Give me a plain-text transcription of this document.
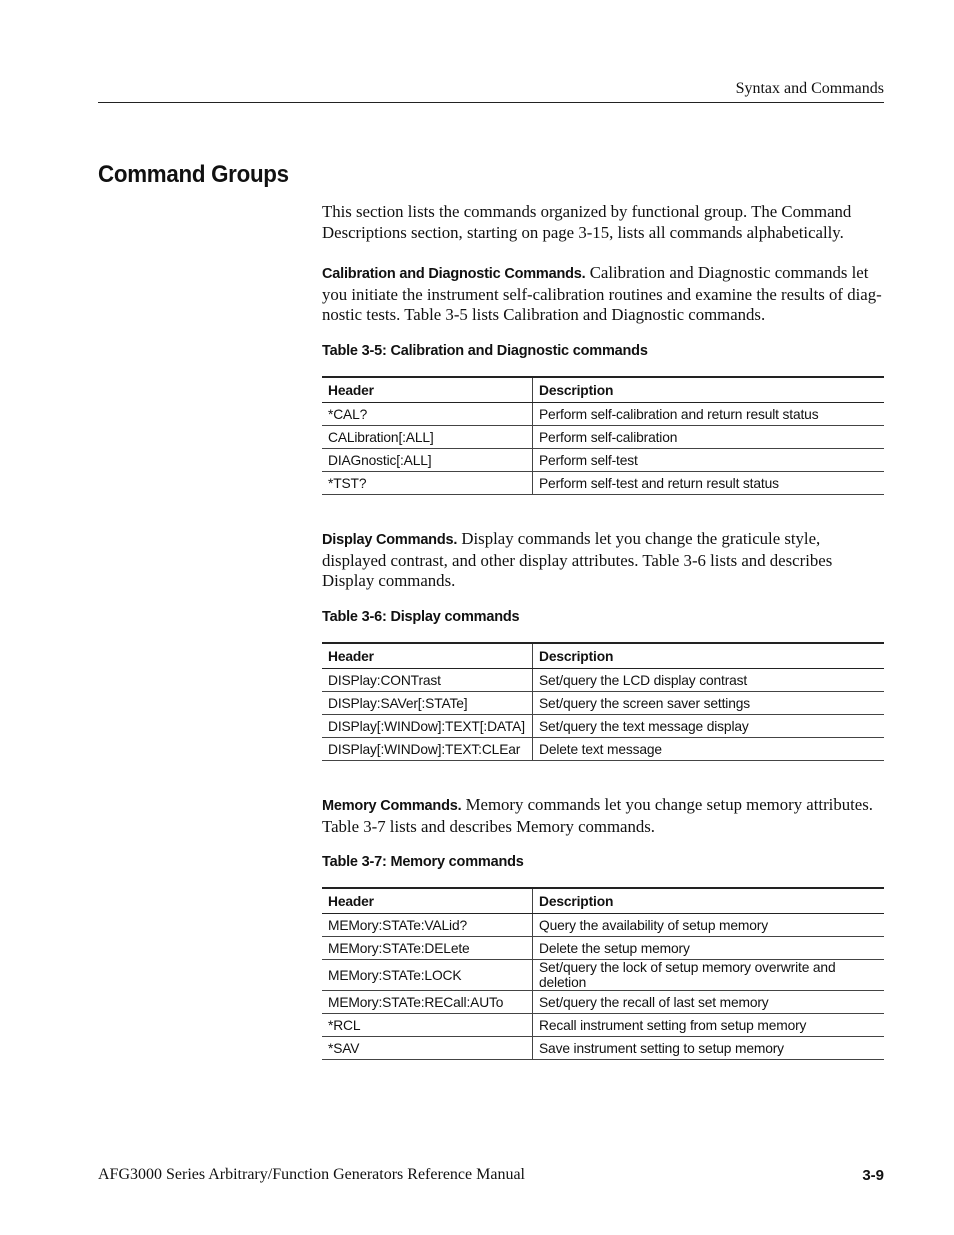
Syntax and Commands
Command Groups

This section lists the commands organized by functional group. The Command Descriptions section, starting on page 3-15, lists all commands alphabetically.

Calibration and Diagnostic Commands. Calibration and Diagnostic commands let you initiate the instrument self-calibration routines and examine the results of diag-nostic tests. Table 3-5 lists Calibration and Diagnostic commands.

Table 3-5: Calibration and Diagnostic commands

Header	Description
*CAL?	Perform self-calibration and return result status
CALibration[:ALL]	Perform self-calibration
DIAGnostic[:ALL]	Perform self-test
*TST?	Perform self-test and return result status

Display Commands. Display commands let you change the graticule style, displayed contrast, and other display attributes. Table 3-6 lists and describes Display commands.

Table 3-6: Display commands

Header	Description
DISPlay:CONTrast	Set/query the LCD display contrast
DISPlay:SAVer[:STATe]	Set/query the screen saver settings
DISPlay[:WINDow]:TEXT[:DATA]	Set/query the text message display
DISPlay[:WINDow]:TEXT:CLEar	Delete text message

Memory Commands. Memory commands let you change setup memory attributes. Table 3-7 lists and describes Memory commands.

Table 3-7: Memory commands

Header	Description
MEMory:STATe:VALid?	Query the availability of setup memory
MEMory:STATe:DELete	Delete the setup memory
MEMory:STATe:LOCK	Set/query the lock of setup memory overwrite and deletion
MEMory:STATe:RECall:AUTo	Set/query the recall of last set memory
*RCL	Recall instrument setting from setup memory
*SAV	Save instrument setting to setup memory
AFG3000 Series Arbitrary/Function Generators Reference Manual	3-9
